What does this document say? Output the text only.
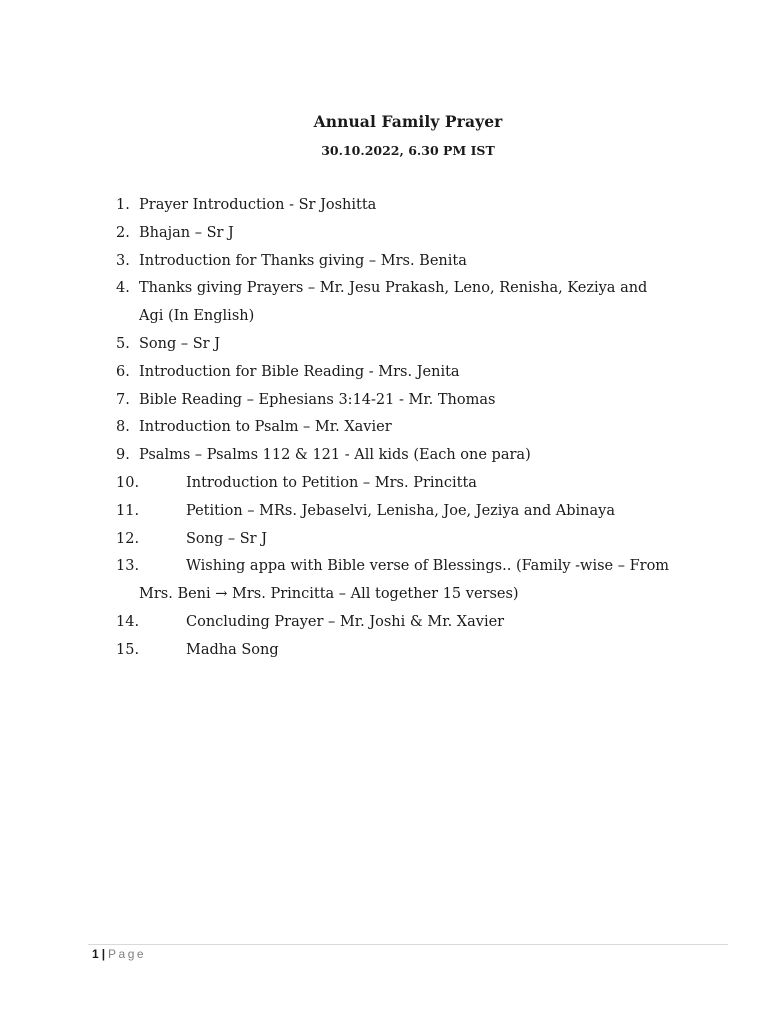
Annual Family Prayer
30.10.2022, 6.30 PM IST
1. Prayer Introduction - Sr Joshitta
2. Bhajan – Sr J
3. Introduction for Thanks giving – Mrs. Benita
4. Thanks giving Prayers – Mr. Jesu Prakash, Leno, Renisha, Keziya and
Agi (In English)
5. Song – Sr J
6. Introduction for Bible Reading - Mrs. Jenita
7. Bible Reading – Ephesians 3:14-21 - Mr. Thomas
8. Introduction to Psalm – Mr. Xavier
9. Psalms – Psalms 112 & 121 - All kids (Each one para)
10.	Introduction to Petition – Mrs. Princitta
11.	Petition – MRs. Jebaselvi, Lenisha, Joe, Jeziya and Abinaya
12.	Song – Sr J
13.	Wishing appa with Bible verse of Blessings.. (Family -wise – From
Mrs. Beni → Mrs. Princitta – All together 15 verses)
14.	Concluding Prayer – Mr. Joshi & Mr. Xavier
15.	Madha Song
1 | Page
